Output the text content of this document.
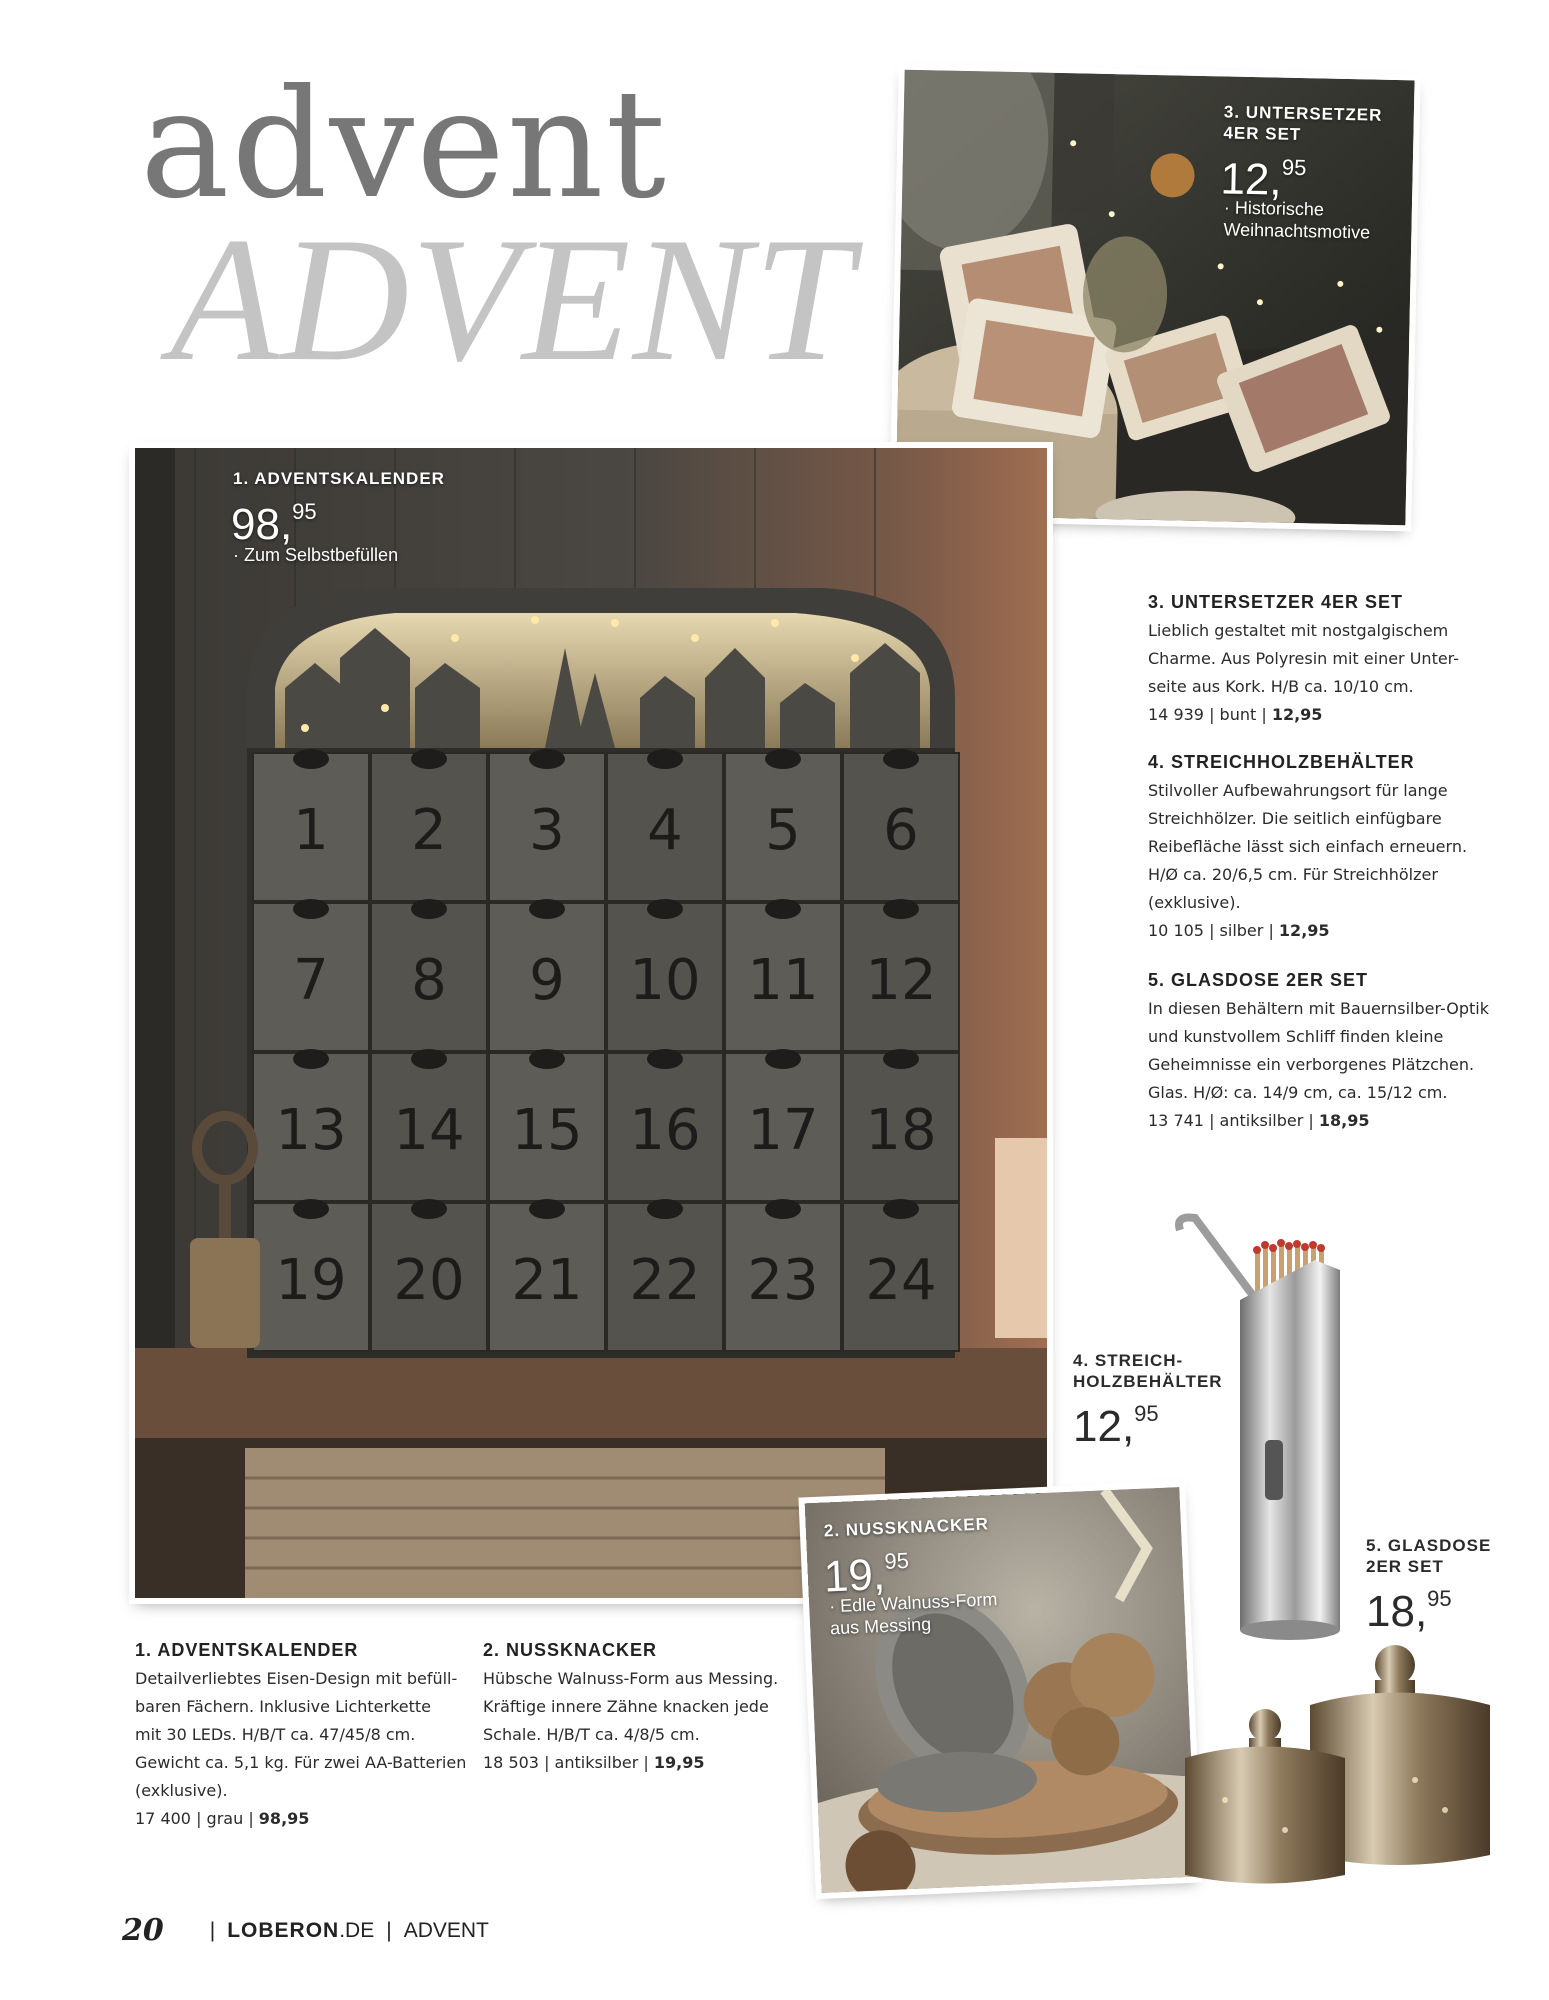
advent
ADVENT
3. UNTERSETZER
4ER SET
12,95
· Historische
Weihnachtsmotive
1 2 3 4 5 6
7 8 9 10 11 12
13 14 15 16 17 18
19 20 21 22 23 24
1. ADVENTSKALENDER
98,95
· Zum Selbstbefüllen
2. NUSSKNACKER
19,95
· Edle Walnuss-Form
aus Messing
4. STREICH-
HOLZBEHÄLTER
12,95
5. GLASDOSE
2ER SET
18,95
3. UNTERSETZER 4ER SET
Lieblich gestaltet mit nostgalgischem
Charme. Aus Polyresin mit einer Unter-
seite aus Kork. H/B ca. 10/10 cm.
14 939 | bunt | 12,95
4. STREICHHOLZBEHÄLTER
Stilvoller Aufbewahrungsort für lange
Streichhölzer. Die seitlich einfügbare
Reibefläche lässt sich einfach erneuern.
H/Ø ca. 20/6,5 cm. Für Streichhölzer
(exklusive).
10 105 | silber | 12,95
5. GLASDOSE 2ER SET
In diesen Behältern mit Bauernsilber-Optik
und kunstvollem Schliff finden kleine
Geheimnisse ein verborgenes Plätzchen.
Glas. H/Ø: ca. 14/9 cm, ca. 15/12 cm.
13 741 | antiksilber | 18,95
1. ADVENTSKALENDER
Detailverliebtes Eisen-Design mit befüll-
baren Fächern. Inklusive Lichterkette
mit 30 LEDs. H/B/T ca. 47/45/8 cm.
Gewicht ca. 5,1 kg. Für zwei AA-Batterien
(exklusive).
17 400 | grau | 98,95
2. NUSSKNACKER
Hübsche Walnuss-Form aus Messing.
Kräftige innere Zähne knacken jede
Schale. H/B/T ca. 4/8/5 cm.
18 503 | antiksilber | 19,95
20 | LOBERON .DE | ADVENT
